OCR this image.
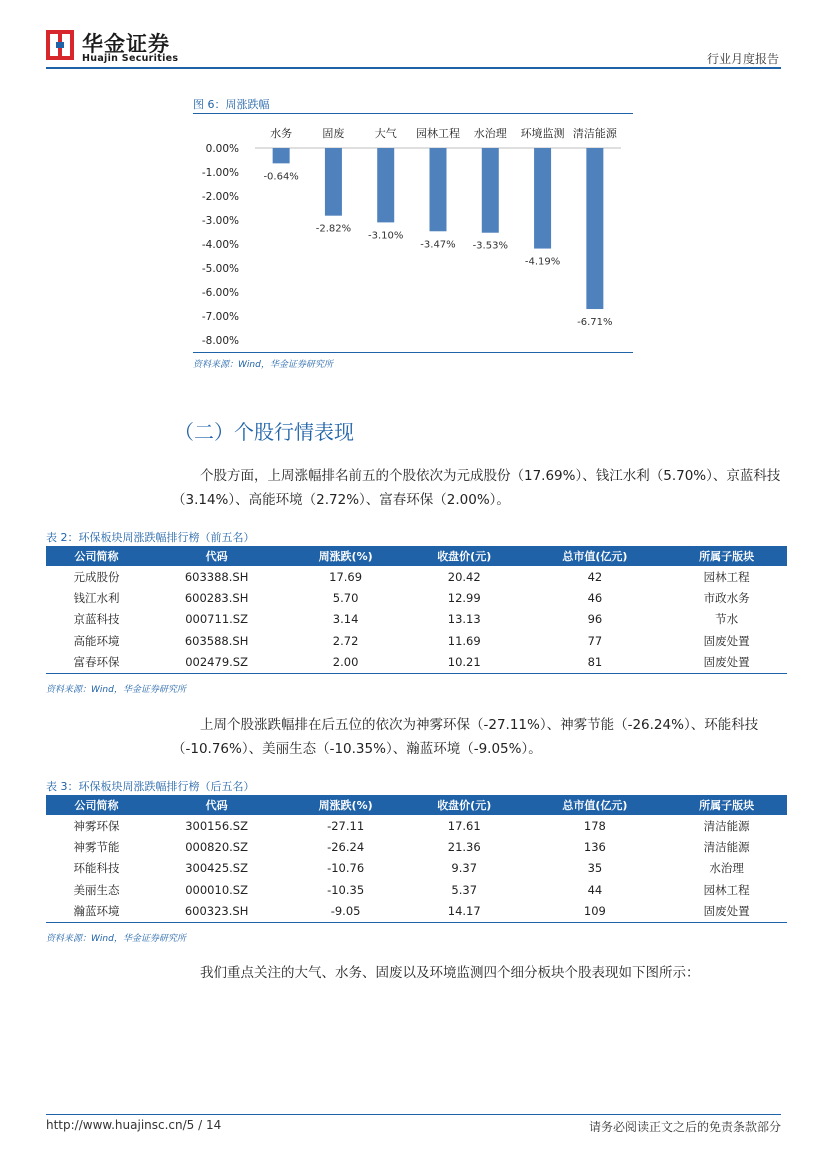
华金证券
Huajin Securities	行业月度报告
图 6：周涨跌幅
0.00%
-1.00%
-2.00%
-3.00%
-4.00%
-5.00%
-6.00%
-7.00%
-8.00%
水务
-0.64%
固废
-2.82%
大气
-3.10%
园林工程
-3.47%
水治理
-3.53%
环境监测
-4.19%
清洁能源
-6.71%
资料来源：Wind，华金证券研究所
（二）个股行情表现
个股方面，上周涨幅排名前五的个股依次为元成股份（17.69%）、钱江水利（5.70%）、京蓝科技（3.14%）、高能环境（2.72%）、富春环保（2.00%）。
表 2：环保板块周涨跌幅排行榜（前五名）
公司简称	代码	周涨跌(%)	收盘价(元)	总市值(亿元)	所属子版块
元成股份	603388.SH	17.69	20.42	42	园林工程
钱江水利	600283.SH	5.70	12.99	46	市政水务
京蓝科技	000711.SZ	3.14	13.13	96	节水
高能环境	603588.SH	2.72	11.69	77	固废处置
富春环保	002479.SZ	2.00	10.21	81	固废处置
资料来源：Wind，华金证券研究所
上周个股涨跌幅排在后五位的依次为神雾环保（-27.11%）、神雾节能（-26.24%）、环能科技（-10.76%）、美丽生态（-10.35%）、瀚蓝环境（-9.05%）。
表 3：环保板块周涨跌幅排行榜（后五名）
公司简称	代码	周涨跌(%)	收盘价(元)	总市值(亿元)	所属子版块
神雾环保	300156.SZ	-27.11	17.61	178	清洁能源
神雾节能	000820.SZ	-26.24	21.36	136	清洁能源
环能科技	300425.SZ	-10.76	9.37	35	水治理
美丽生态	000010.SZ	-10.35	5.37	44	园林工程
瀚蓝环境	600323.SH	-9.05	14.17	109	固废处置
资料来源：Wind，华金证券研究所
我们重点关注的大气、水务、固废以及环境监测四个细分板块个股表现如下图所示：
http://www.huajinsc.cn/5 / 14	请务必阅读正文之后的免责条款部分
